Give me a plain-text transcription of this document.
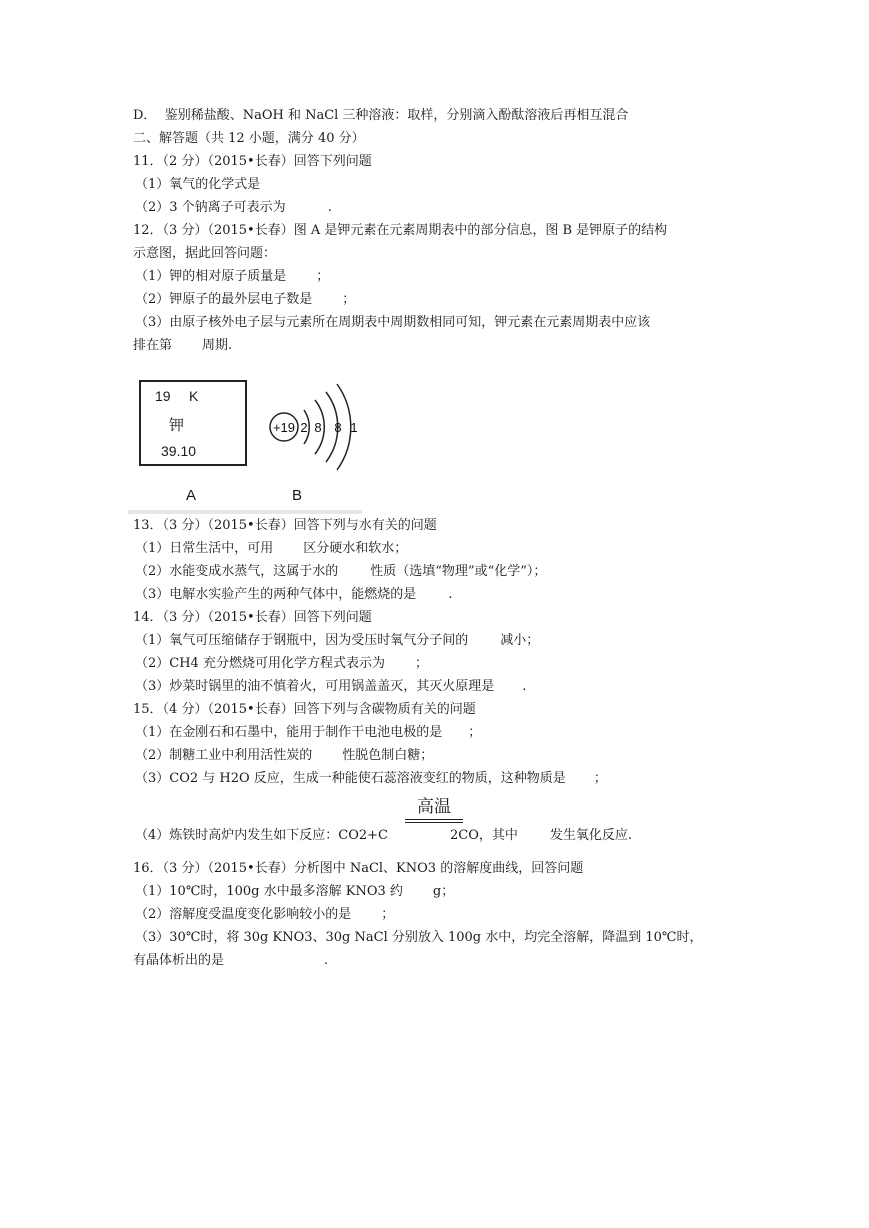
D．  鉴别稀盐酸、NaOH 和 NaCl 三种溶液：取样，分别滴入酚酞溶液后再相互混合
二、解答题（共 12 小题，满分 40 分）
11．（2 分）（2015•长春）回答下列问题
（1）氧气的化学式是
（2）3 个钠离子可表示为	.
12．（3 分）（2015•长春）图 A 是钾元素在元素周期表中的部分信息，图 B 是钾原子的结构
示意图，据此回答问题：
（1）钾的相对原子质量是 ；
（2）钾原子的最外层电子数是 ；
（3）由原子核外电子层与元素所在周期表中周期数相同可知，钾元素在元素周期表中应该
排在第 周期.
19 K
钾
39.10
A	B
+19 2 8 8 1
13．（3 分）（2015•长春）回答下列与水有关的问题
（1）日常生活中，可用 区分硬水和软水；
（2）水能变成水蒸气，这属于水的 性质（选填“物理”或“化学”）；
（3）电解水实验产生的两种气体中，能燃烧的是 .
14．（3 分）（2015•长春）回答下列问题
（1）氧气可压缩储存于钢瓶中，因为受压时氧气分子间的 减小；
（2）CH4 充分燃烧可用化学方程式表示为 ；
（3）炒菜时锅里的油不慎着火，可用锅盖盖灭，其灭火原理是 .
15．（4 分）（2015•长春）回答下列与含碳物质有关的问题
（1）在金刚石和石墨中，能用于制作干电池电极的是 ；
（2）制糖工业中利用活性炭的 性脱色制白糖；
（3）CO2 与 H2O 反应，生成一种能使石蕊溶液变红的物质，这种物质是 ；
高温
（4）炼铁时高炉内发生如下反应：CO2+C	2CO，其中 发生氧化反应.
16．（3 分）（2015•长春）分析图中 NaCl、KNO3 的溶解度曲线，回答问题
（1）10℃时，100g 水中最多溶解 KNO3 约 g；
（2）溶解度受温度变化影响较小的是 ；
（3）30℃时，将 30g KNO3、30g NaCl 分别放入 100g 水中，均完全溶解，降温到 10℃时，
有晶体析出的是	.
